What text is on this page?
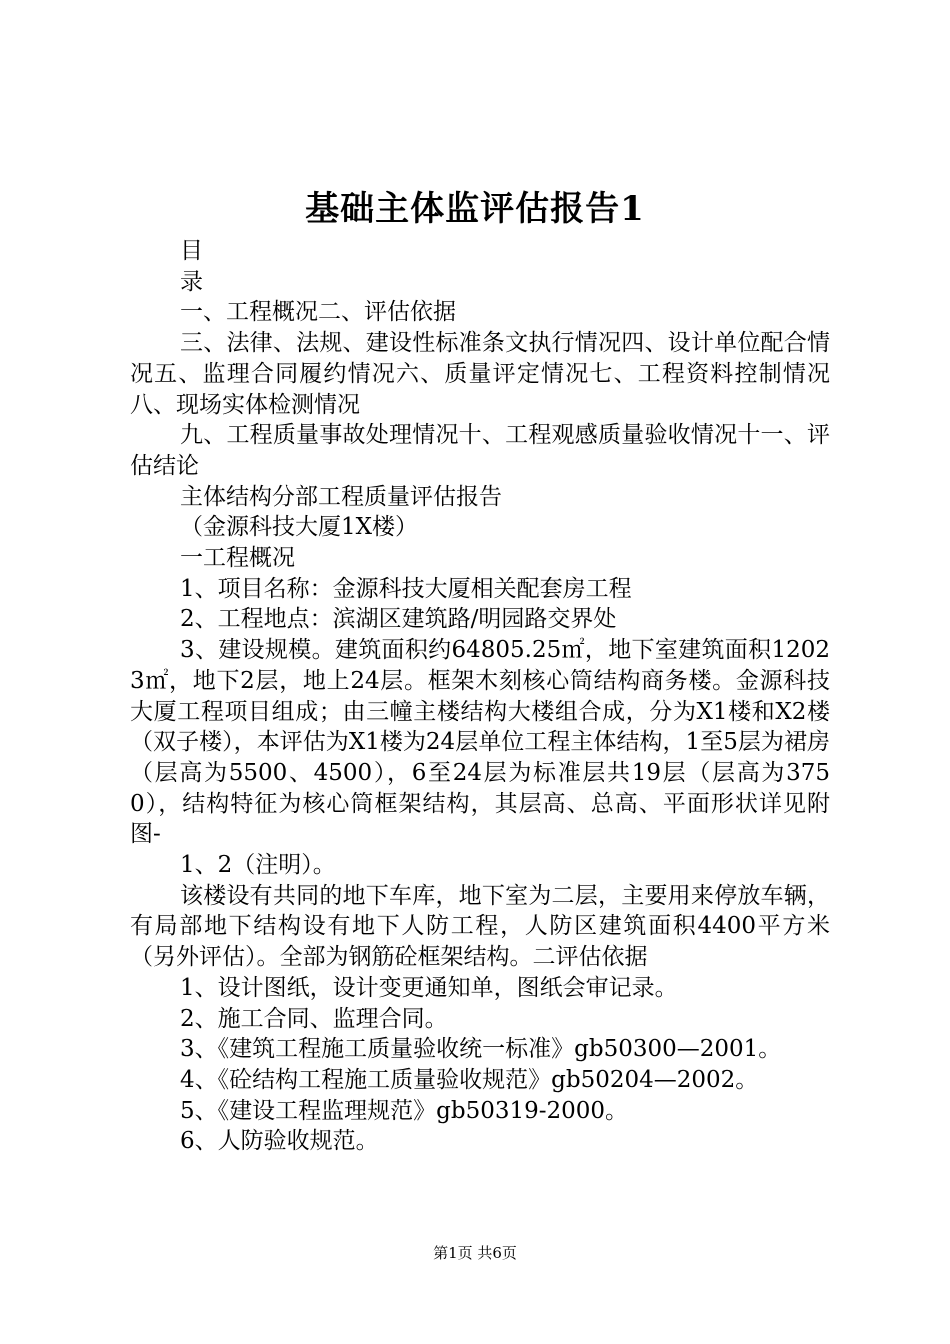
基础主体监评估报告1

目

录

一、工程概况二、评估依据

三、法律、法规、建设性标准条文执行情况四、设计单位配合情况五、监理合同履约情况六、质量评定情况七、工程资料控制情况八、现场实体检测情况

九、工程质量事故处理情况十、工程观感质量验收情况十一、评估结论

主体结构分部工程质量评估报告

（金源科技大厦1X楼）

一工程概况

1、项目名称：金源科技大厦相关配套房工程

2、工程地点：滨湖区建筑路/明园路交界处

3、建设规模。建筑面积约64805.25㎡，地下室建筑面积12023㎡，地下2层，地上24层。框架木刻核心筒结构商务楼。金源科技大厦工程项目组成；由三幢主楼结构大楼组合成，分为X1楼和X2楼（双子楼），本评估为X1楼为24层单位工程主体结构，1至5层为裙房（层高为5500、4500），6至24层为标准层共19层（层高为3750），结构特征为核心筒框架结构，其层高、总高、平面形状详见附图-

1、2（注明）。

该楼设有共同的地下车库，地下室为二层，主要用来停放车辆，有局部地下结构设有地下人防工程，人防区建筑面积4400平方米（另外评估）。全部为钢筋砼框架结构。二评估依据

1、设计图纸，设计变更通知单，图纸会审记录。

2、施工合同、监理合同。

3、《建筑工程施工质量验收统一标准》gb50300—2001。

4、《砼结构工程施工质量验收规范》gb50204—2002。

5、《建设工程监理规范》gb50319-2000。

6、人防验收规范。

第1页 共6页
